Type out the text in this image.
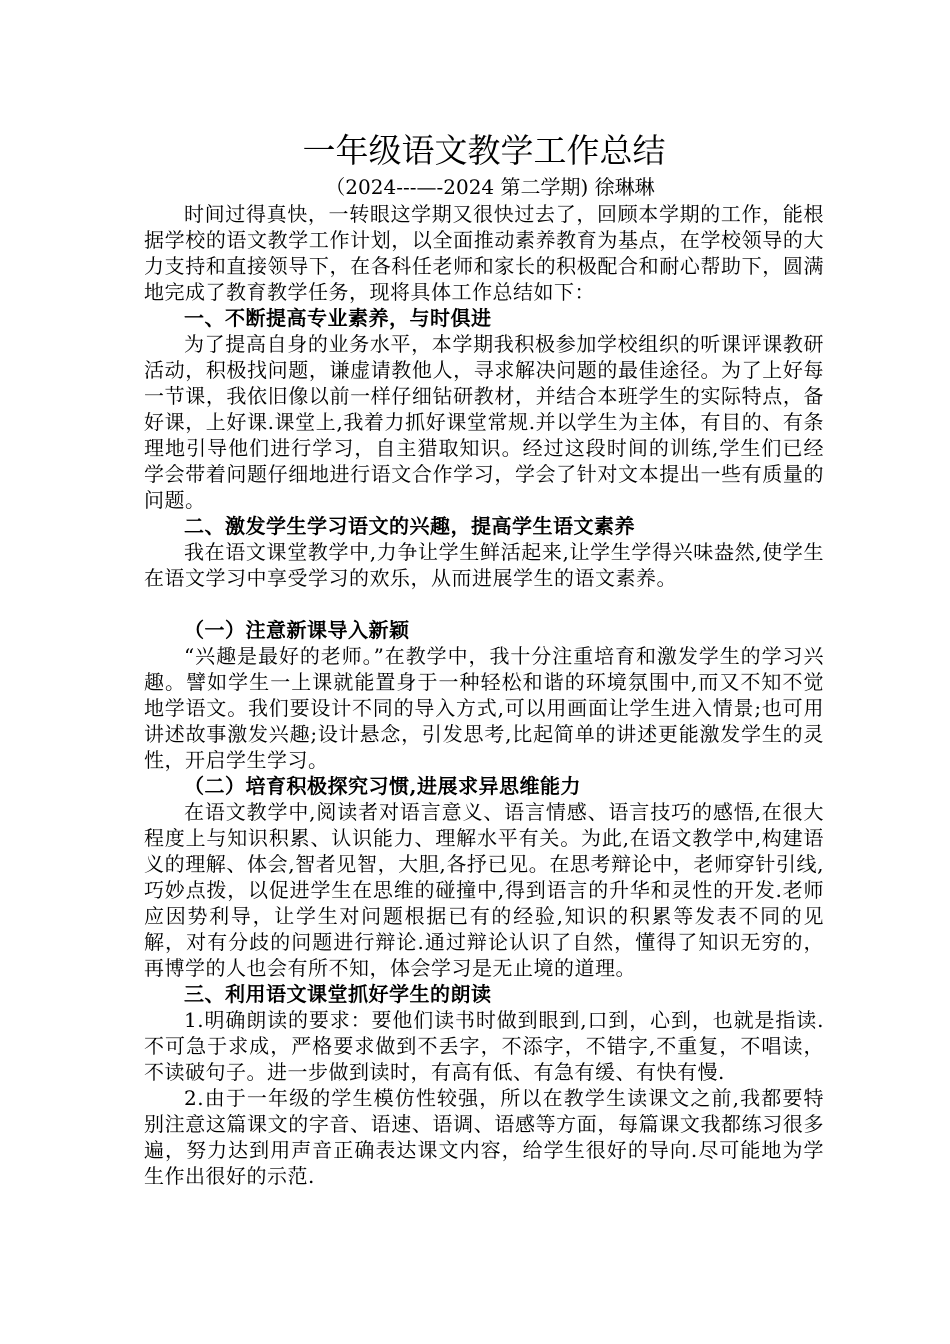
一年级语文教学工作总结

（2024---—-2024 第二学期) 徐琳琳

时间过得真快，一转眼这学期又很快过去了，回顾本学期的工作，能根据学校的语文教学工作计划，以全面推动素养教育为基点，在学校领导的大力支持和直接领导下，在各科任老师和家长的积极配合和耐心帮助下，圆满地完成了教育教学任务，现将具体工作总结如下：

一、不断提高专业素养，与时俱进

为了提高自身的业务水平，本学期我积极参加学校组织的听课评课教研活动，积极找问题，谦虚请教他人，寻求解决问题的最佳途径。为了上好每一节课，我依旧像以前一样仔细钻研教材，并结合本班学生的实际特点，备好课，上好课.课堂上,我着力抓好课堂常规.并以学生为主体，有目的、有条理地引导他们进行学习，自主猎取知识。经过这段时间的训练,学生们已经学会带着问题仔细地进行语文合作学习，学会了针对文本提出一些有质量的问题。

二、激发学生学习语文的兴趣，提高学生语文素养

我在语文课堂教学中,力争让学生鲜活起来,让学生学得兴味盎然,使学生在语文学习中享受学习的欢乐，从而进展学生的语文素养。

（一）注意新课导入新颖

“兴趣是最好的老师。”在教学中，我十分注重培育和激发学生的学习兴趣。譬如学生一上课就能置身于一种轻松和谐的环境氛围中,而又不知不觉地学语文。我们要设计不同的导入方式,可以用画面让学生进入情景;也可用讲述故事激发兴趣;设计悬念，引发思考,比起简单的讲述更能激发学生的灵性，开启学生学习。

（二）培育积极探究习惯,进展求异思维能力

在语文教学中,阅读者对语言意义、语言情感、语言技巧的感悟,在很大程度上与知识积累、认识能力、理解水平有关。为此,在语文教学中,构建语义的理解、体会,智者见智，大胆,各抒已见。在思考辩论中，老师穿针引线,巧妙点拨，以促进学生在思维的碰撞中,得到语言的升华和灵性的开发.老师应因势利导，让学生对问题根据已有的经验,知识的积累等发表不同的见解，对有分歧的问题进行辩论.通过辩论认识了自然，懂得了知识无穷的，再博学的人也会有所不知，体会学习是无止境的道理。

三、利用语文课堂抓好学生的朗读

1.明确朗读的要求：要他们读书时做到眼到,口到，心到，也就是指读.不可急于求成，严格要求做到不丢字，不添字，不错字,不重复，不唱读，不读破句子。进一步做到读时，有高有低、有急有缓、有快有慢.

2.由于一年级的学生模仿性较强，所以在教学生读课文之前,我都要特别注意这篇课文的字音、语速、语调、语感等方面，每篇课文我都练习很多遍，努力达到用声音正确表达课文内容，给学生很好的导向.尽可能地为学生作出很好的示范.
